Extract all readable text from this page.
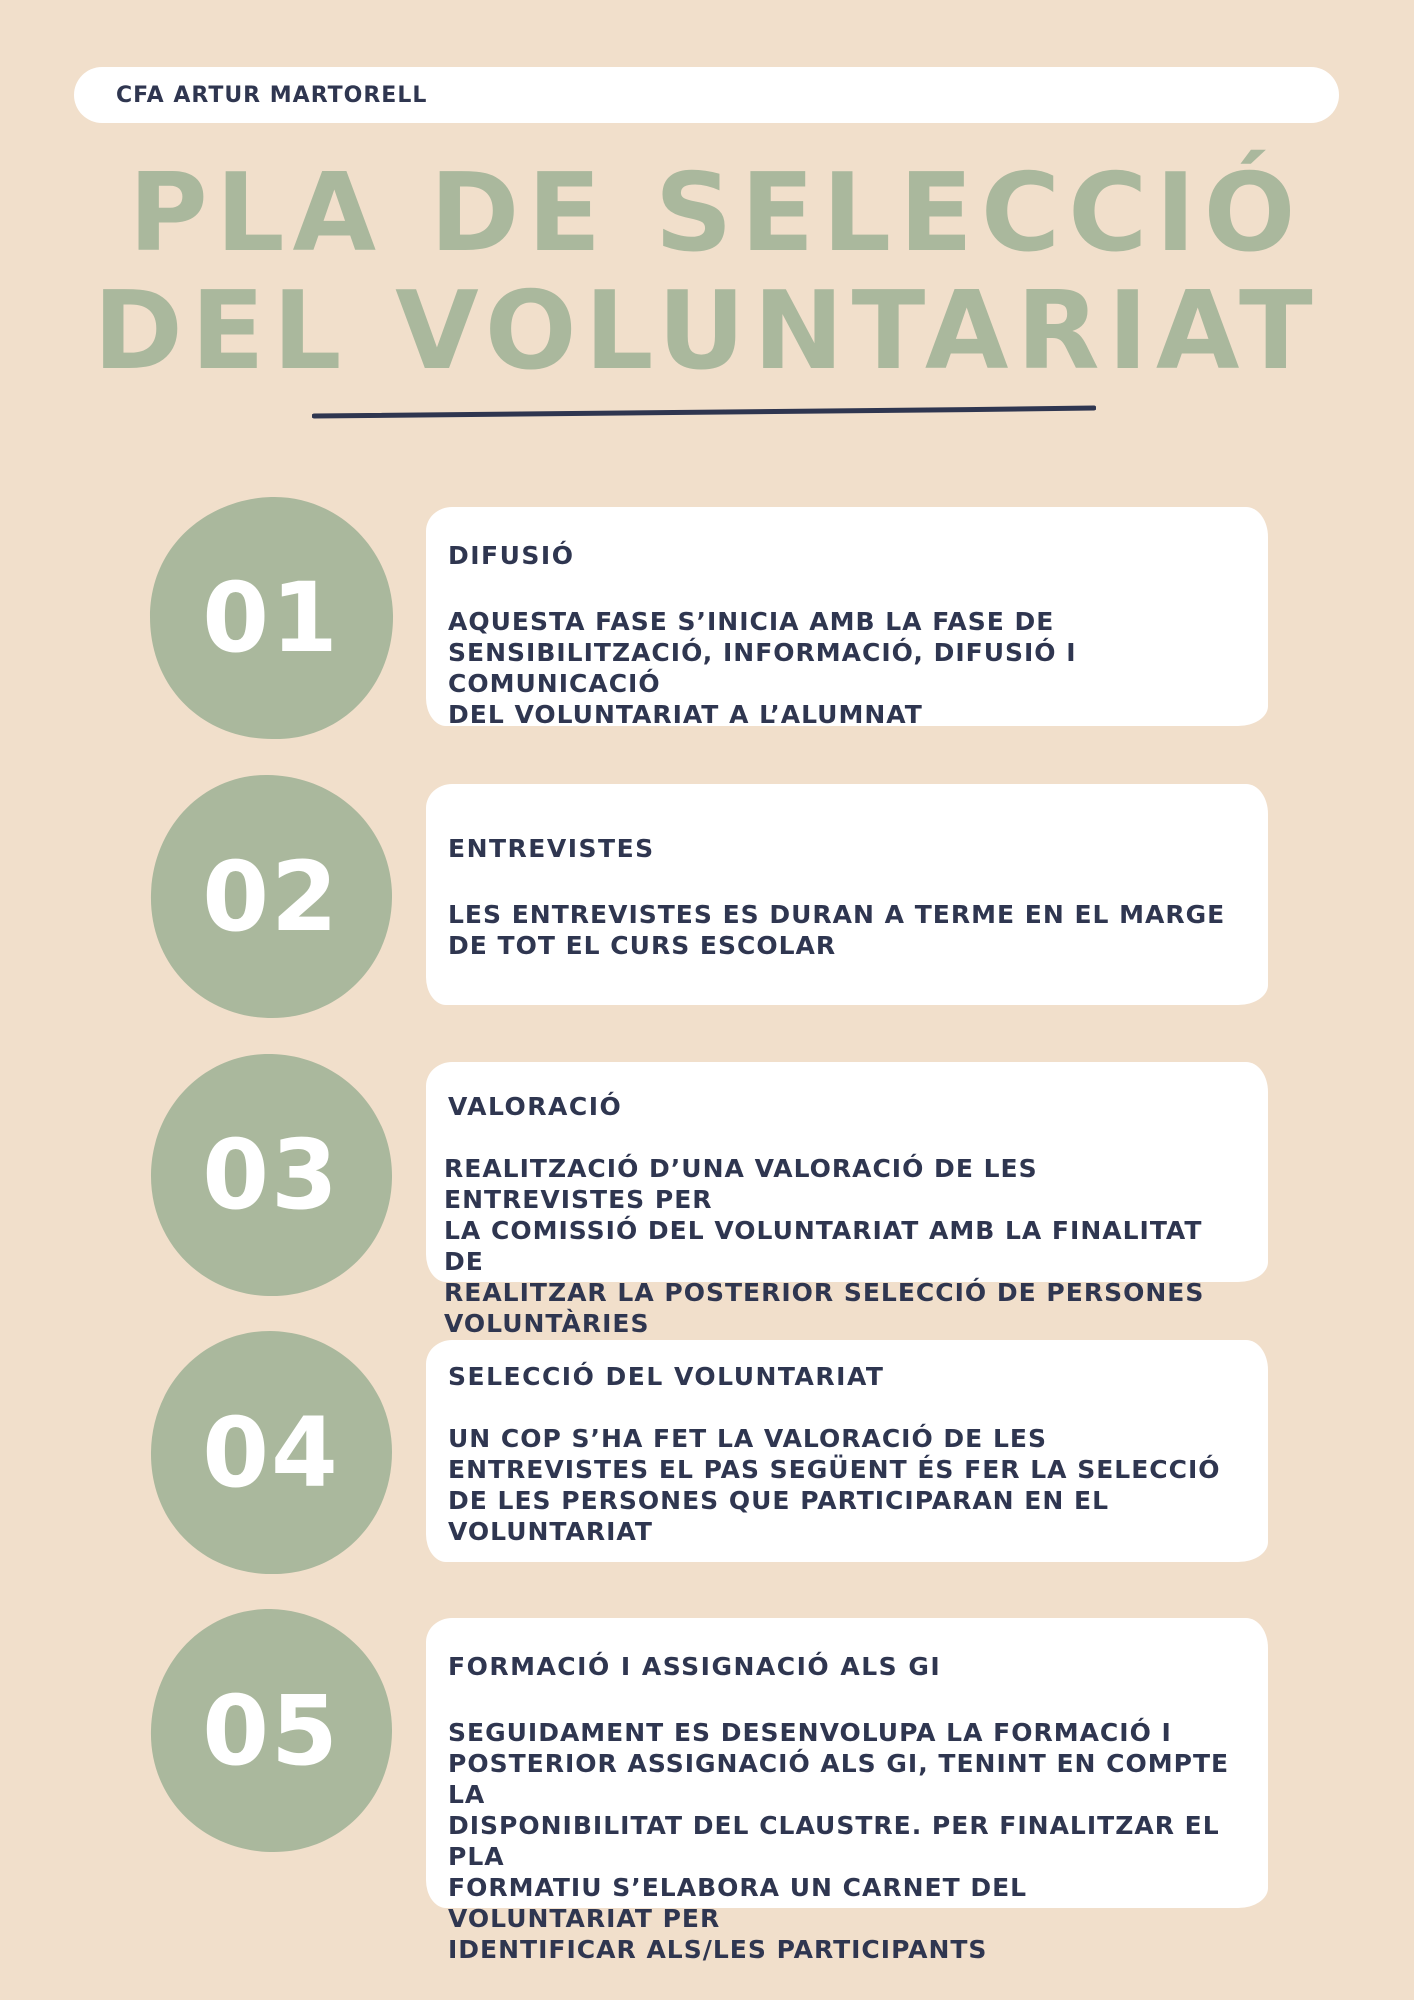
CFA ARTUR MARTORELL
PLA DE SELECCIÓ
DEL VOLUNTARIAT
01
DIFUSIÓ
AQUESTA FASE S’INICIA AMB LA FASE DE
SENSIBILITZACIÓ, INFORMACIÓ, DIFUSIÓ I COMUNICACIÓ
DEL VOLUNTARIAT A L’ALUMNAT
02	ENTREVISTES
LES ENTREVISTES ES DURAN A TERME EN EL MARGE
DE TOT EL CURS ESCOLAR
03
VALORACIÓ
REALITZACIÓ D’UNA VALORACIÓ DE LES ENTREVISTES PER
LA COMISSIÓ DEL VOLUNTARIAT AMB LA FINALITAT DE
REALITZAR LA POSTERIOR SELECCIÓ DE PERSONES
VOLUNTÀRIES
04
SELECCIÓ DEL VOLUNTARIAT
UN COP S’HA FET LA VALORACIÓ DE LES
ENTREVISTES EL PAS SEGÜENT ÉS FER LA SELECCIÓ
DE LES PERSONES QUE PARTICIPARAN EN EL
VOLUNTARIAT
05
FORMACIÓ I ASSIGNACIÓ ALS GI
SEGUIDAMENT ES DESENVOLUPA LA FORMACIÓ I
POSTERIOR ASSIGNACIÓ ALS GI, TENINT EN COMPTE LA
DISPONIBILITAT DEL CLAUSTRE. PER FINALITZAR EL PLA
FORMATIU S’ELABORA UN CARNET DEL VOLUNTARIAT PER
IDENTIFICAR ALS/LES PARTICIPANTS
